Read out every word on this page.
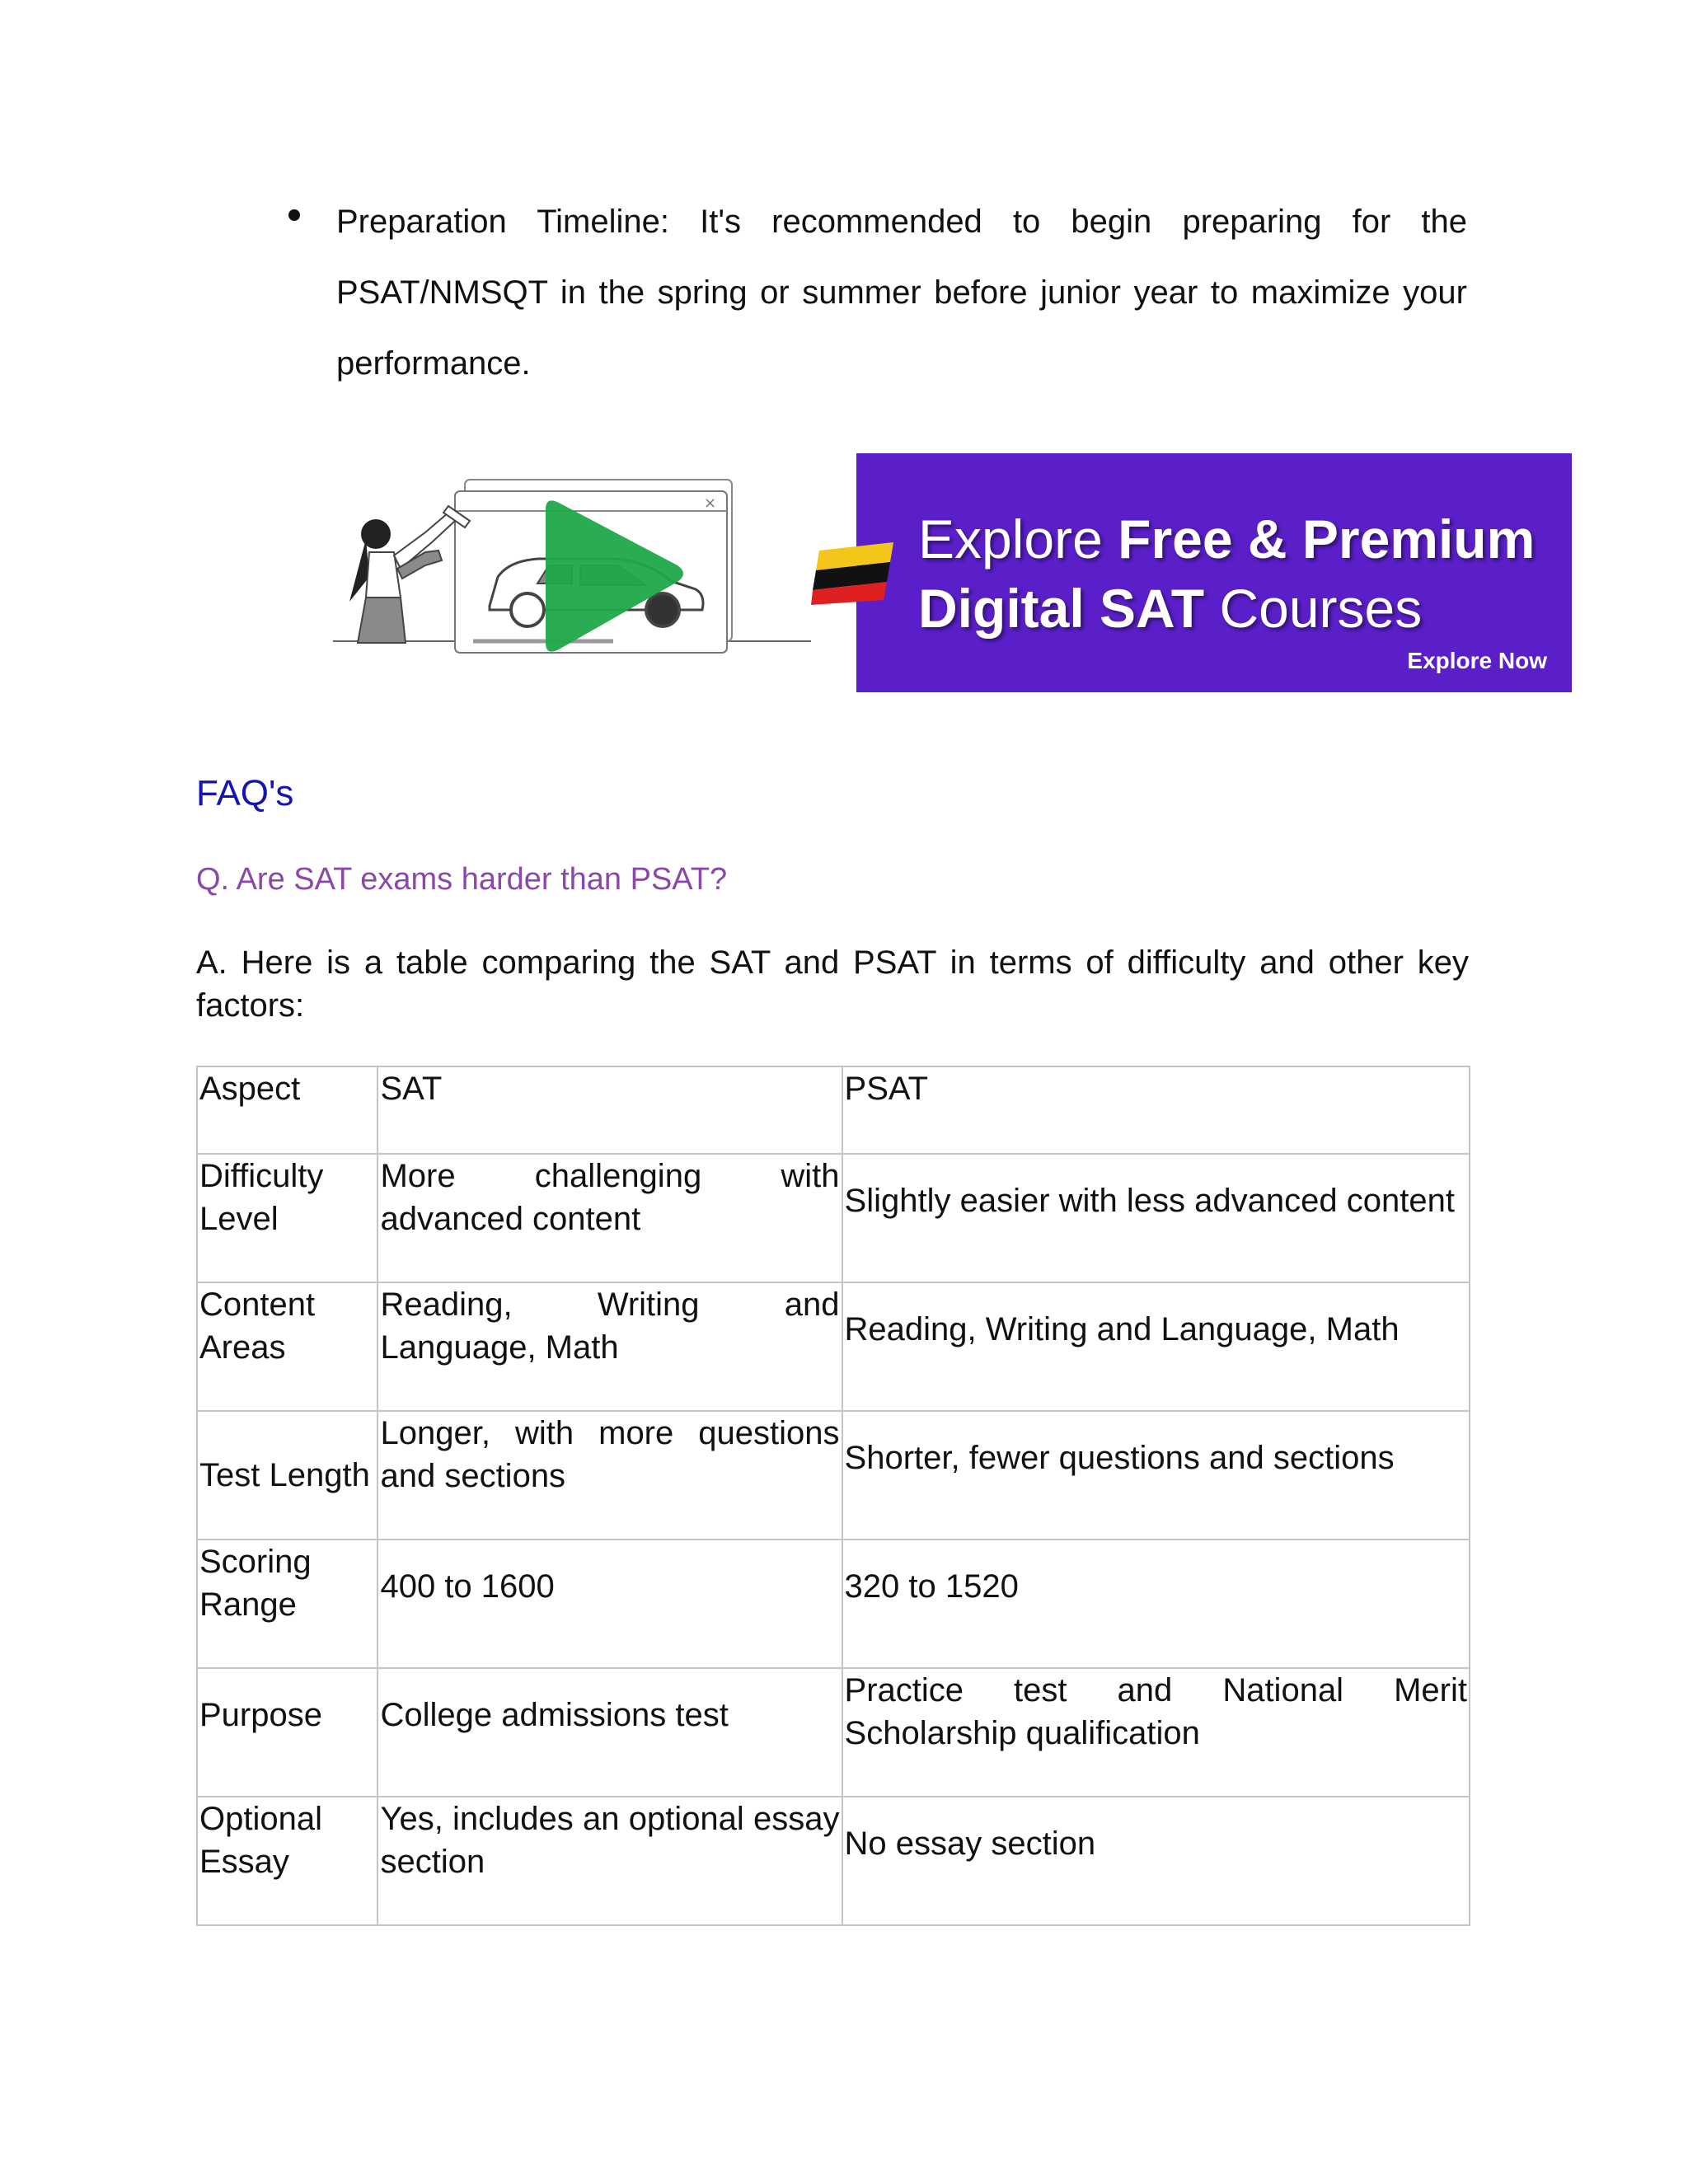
Preparation Timeline: It's recommended to begin preparing for the PSAT/NMSQT in the spring or summer before junior year to maximize your performance.
×
Explore Free & Premium
Digital SAT Courses
Explore Now
FAQ's
Q. Are SAT exams harder than PSAT?
A. Here is a table comparing the SAT and PSAT in terms of difficulty and other key factors:
Aspect	SAT	PSAT
Difficulty Level	More challenging with advanced content	Slightly easier with less advanced content
Content Areas	Reading, Writing and Language, Math	Reading, Writing and Language, Math
Test Length	Longer, with more questions and sections	Shorter, fewer questions and sections
Scoring Range	400 to 1600	320 to 1520
Purpose	College admissions test	Practice test and National Merit Scholarship qualification
Optional Essay	Yes, includes an optional essay section	No essay section
